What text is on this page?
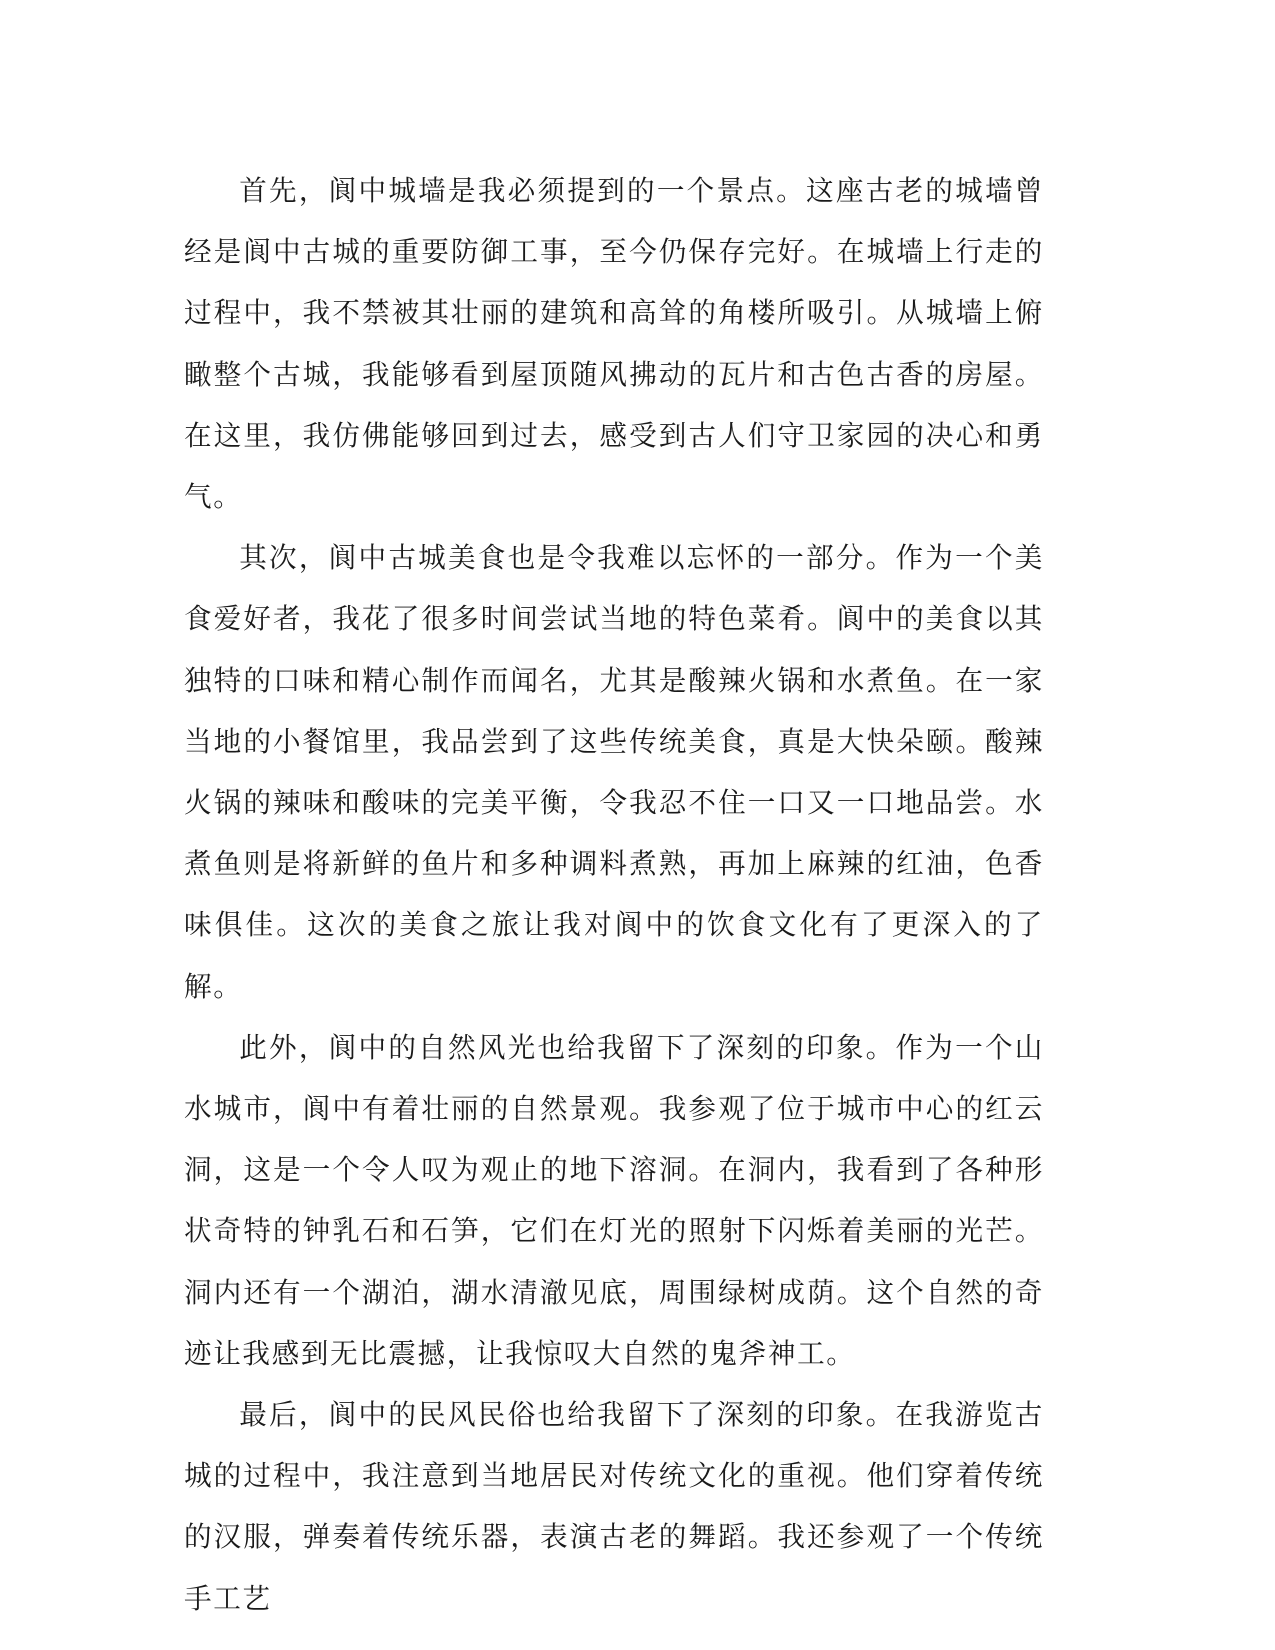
首先，阆中城墙是我必须提到的一个景点。这座古老的城墙曾经是阆中古城的重要防御工事，至今仍保存完好。在城墙上行走的过程中，我不禁被其壮丽的建筑和高耸的角楼所吸引。从城墙上俯瞰整个古城，我能够看到屋顶随风拂动的瓦片和古色古香的房屋。在这里，我仿佛能够回到过去，感受到古人们守卫家园的决心和勇气。

其次，阆中古城美食也是令我难以忘怀的一部分。作为一个美食爱好者，我花了很多时间尝试当地的特色菜肴。阆中的美食以其独特的口味和精心制作而闻名，尤其是酸辣火锅和水煮鱼。在一家当地的小餐馆里，我品尝到了这些传统美食，真是大快朵颐。酸辣火锅的辣味和酸味的完美平衡，令我忍不住一口又一口地品尝。水煮鱼则是将新鲜的鱼片和多种调料煮熟，再加上麻辣的红油，色香味俱佳。这次的美食之旅让我对阆中的饮食文化有了更深入的了解。

此外，阆中的自然风光也给我留下了深刻的印象。作为一个山水城市，阆中有着壮丽的自然景观。我参观了位于城市中心的红云洞，这是一个令人叹为观止的地下溶洞。在洞内，我看到了各种形状奇特的钟乳石和石笋，它们在灯光的照射下闪烁着美丽的光芒。洞内还有一个湖泊，湖水清澈见底，周围绿树成荫。这个自然的奇迹让我感到无比震撼，让我惊叹大自然的鬼斧神工。

最后，阆中的民风民俗也给我留下了深刻的印象。在我游览古城的过程中，我注意到当地居民对传统文化的重视。他们穿着传统的汉服，弹奏着传统乐器，表演古老的舞蹈。我还参观了一个传统手工艺
